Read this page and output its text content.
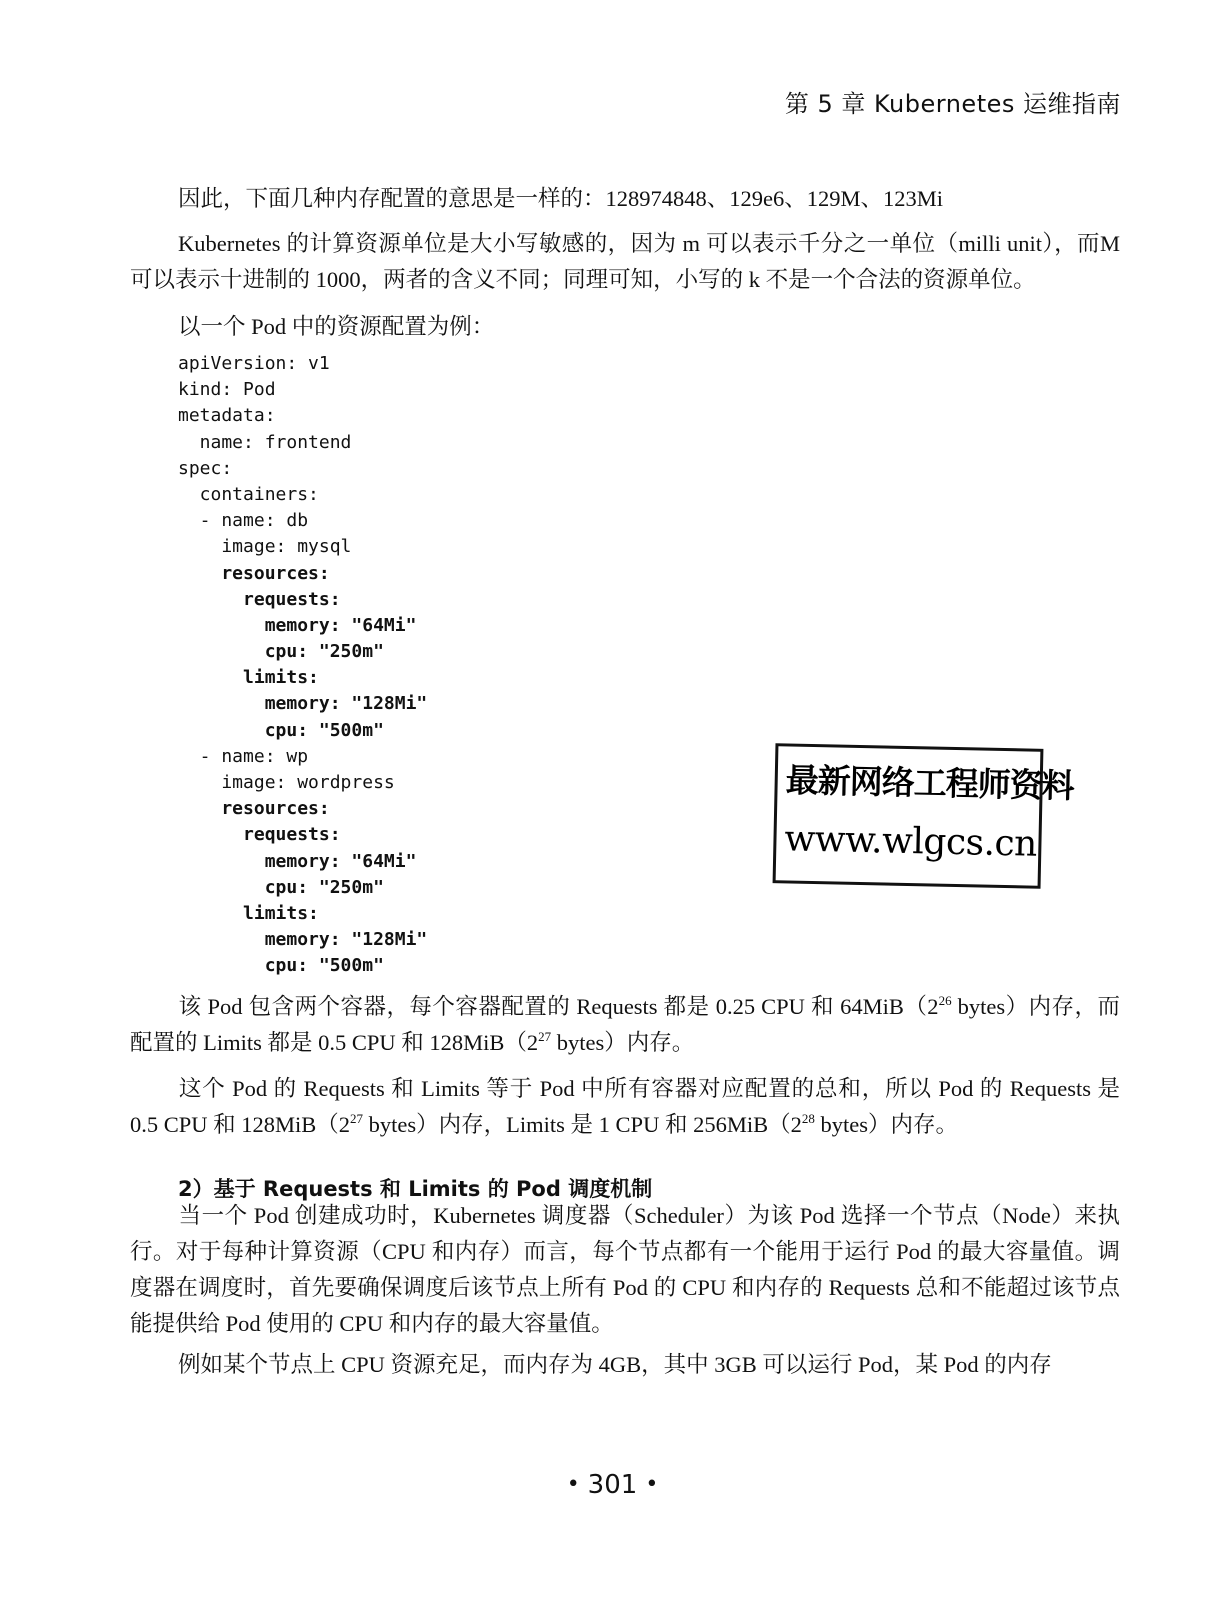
第 5 章 Kubernetes 运维指南

因此，下面几种内存配置的意思是一样的：128974848、129e6、129M、123Mi

Kubernetes 的计算资源单位是大小写敏感的，因为 m 可以表示千分之一单位（milli unit），而M 可以表示十进制的 1000，两者的含义不同；同理可知，小写的 k 不是一个合法的资源单位。

以一个 Pod 中的资源配置为例：

该 Pod 包含两个容器，每个容器配置的 Requests 都是 0.25 CPU 和 $64MiB(2^{26}$ bytes）内存，而配置的 Limits 都是 0.5 CPU 和 $128MiB(2^{27}$ bytes）内存。

这个 Pod 的 Requests 和 Limits 等于 Pod 中所有容器对应配置的总和，所以 Pod 的 Requests 是 0.5 CPU 和 $128MiB(2^{27}$ bytes）内存，Limits 是 1 CPU 和 $256MiB(2^{28}$ bytes）内存。

2）基于 Requests 和 Limits 的 Pod 调度机制

当一个 Pod 创建成功时，Kubernetes 调度器（Scheduler）为该 Pod 选择一个节点（Node）来执行。对于每种计算资源（CPU 和内存）而言，每个节点都有一个能用于运行 Pod 的最大容量值。调度器在调度时，首先要确保调度后该节点上所有 Pod 的 CPU 和内存的 Requests 总和不能超过该节点能提供给 Pod 使用的 CPU 和内存的最大容量值。

例如某个节点上 CPU 资源充足，而内存为 4GB，其中 3GB 可以运行 Pod，某 Pod 的内存

apiVersion: v1
kind: Pod
metadata:
name: frontend
spec:
containers:
- name: db
image: mysql
resources:
requests:
memory: "64Mi"
cpu: "250m"
limits:
memory: "128Mi"
cpu: "500m"
- name: wp
image: wordpress
resources:
requests:
memory: "64Mi"
cpu: "250m"
limits:
memory: "128Mi"
cpu: "500m"
最新网络工程师资料
www.wlgcs.cn
• 301 •
